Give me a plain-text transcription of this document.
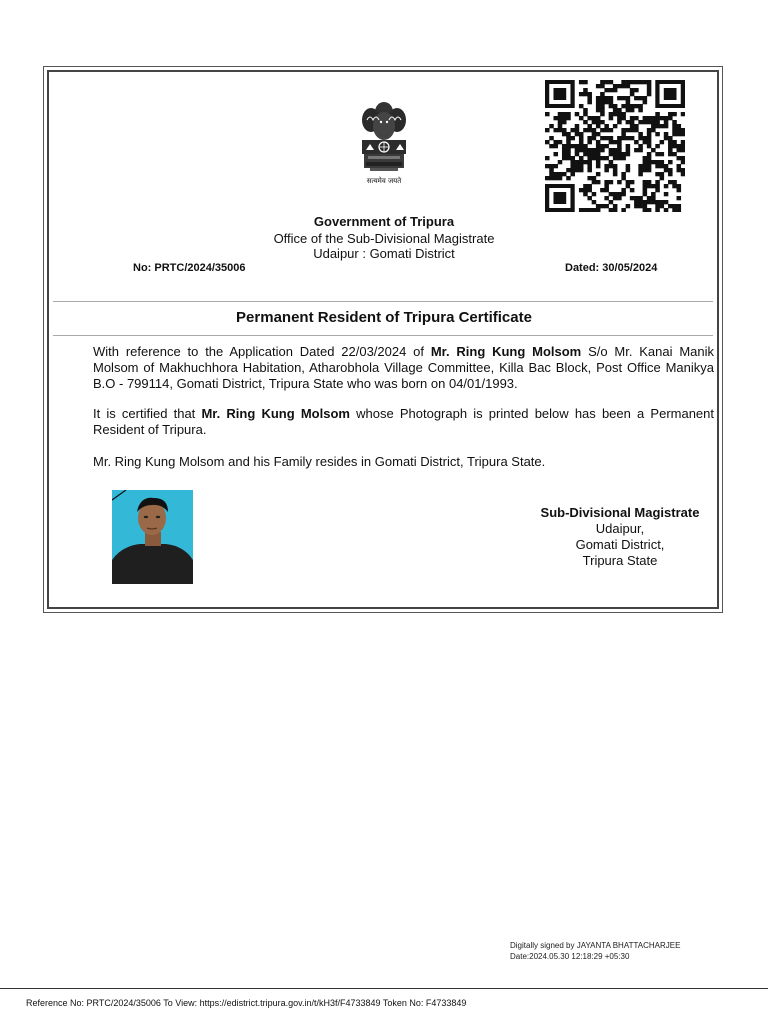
सत्यमेव जयते
Government of Tripura
Office of the Sub-Divisional Magistrate
Udaipur : Gomati District
No: PRTC/2024/35006	Dated: 30/05/2024
Permanent Resident of Tripura Certificate

With reference to the Application Dated 22/03/2024 of Mr. Ring Kung Molsom S/o Mr. Kanai Manik Molsom of Makhuchhora Habitation, Atharobhola Village Committee, Killa Bac Block, Post Office Manikya B.O - 799114, Gomati District, Tripura State who was born on 04/01/1993.

It is certified that Mr. Ring Kung Molsom whose Photograph is printed below has been a Permanent Resident of Tripura.

Mr. Ring Kung Molsom and his Family resides in Gomati District, Tripura State.

Sub-Divisional Magistrate
Udaipur,
Gomati District,
Tripura State
Digitally signed by JAYANTA BHATTACHARJEE
Date:2024.05.30 12:18:29 +05:30
Reference No: PRTC/2024/35006 To View: https://edistrict.tripura.gov.in/t/kH3f/F4733849 Token No: F4733849
